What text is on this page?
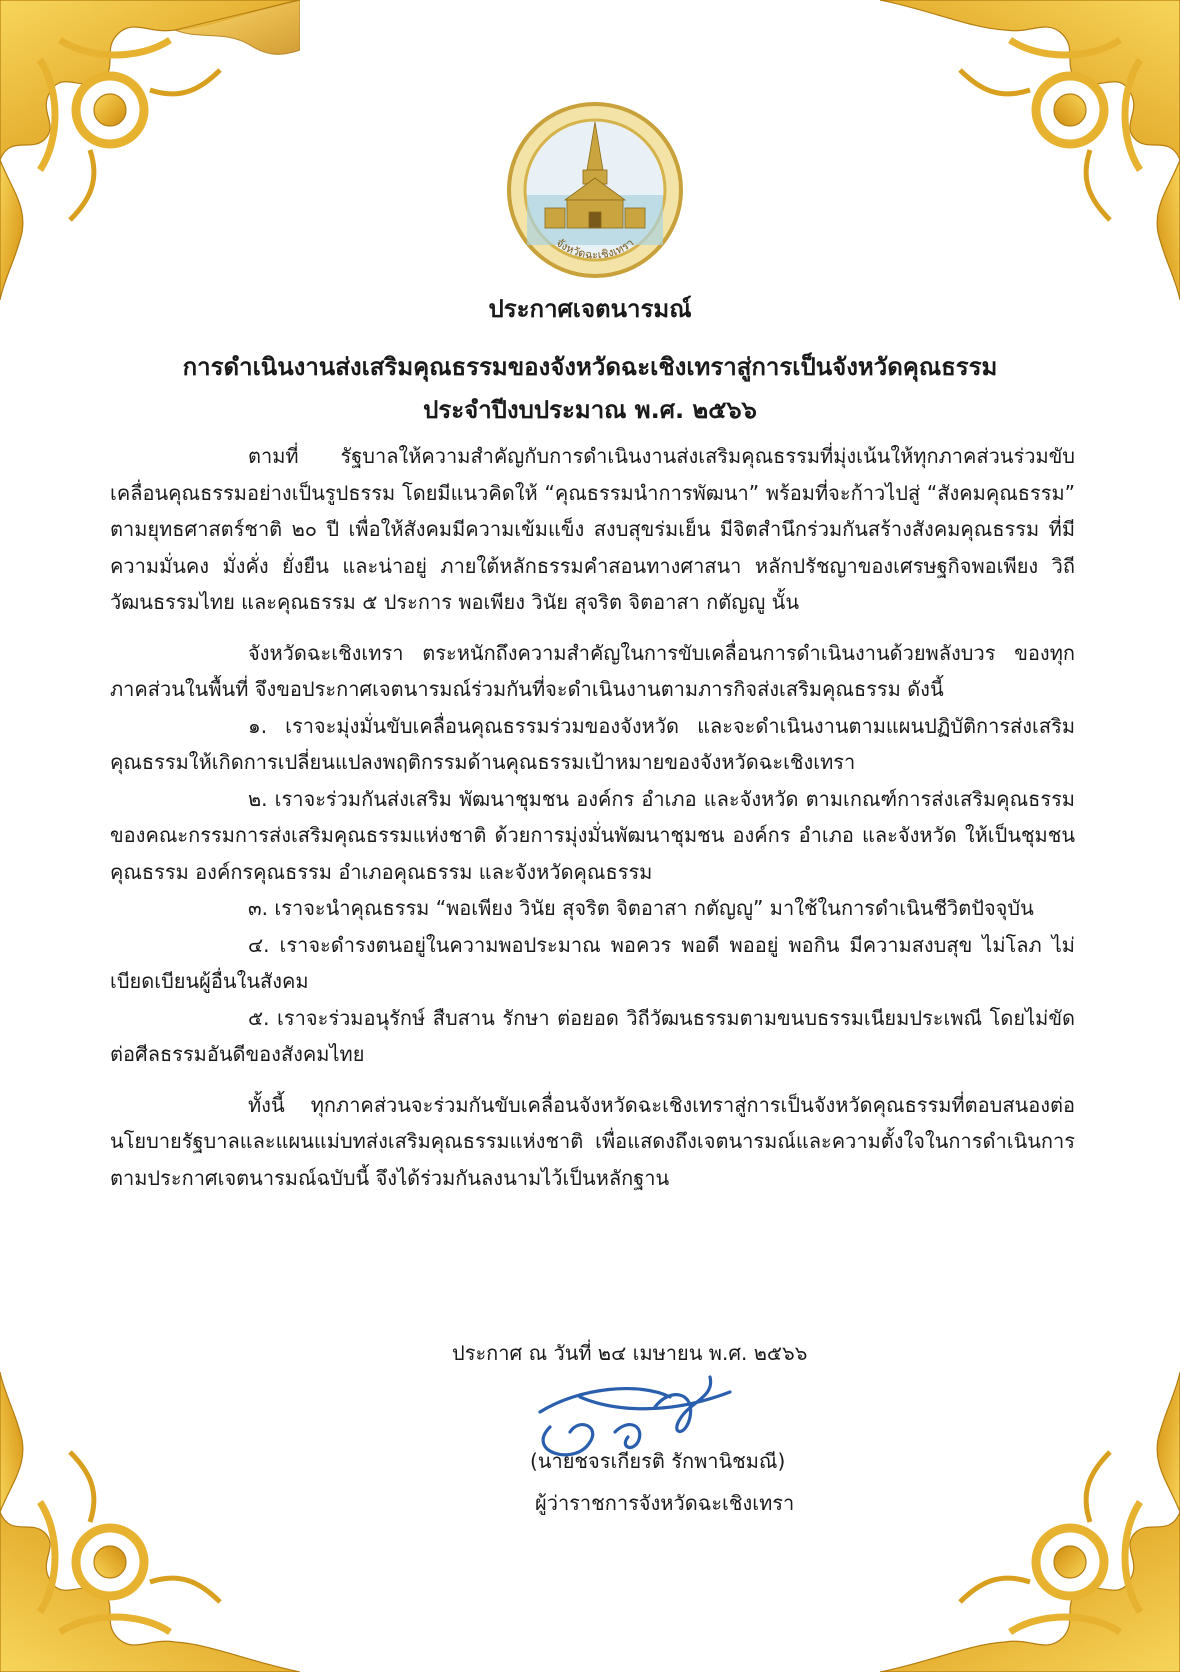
จังหวัดฉะเชิงเทรา
ประกาศเจตนารมณ์
การดำเนินงานส่งเสริมคุณธรรมของจังหวัดฉะเชิงเทราสู่การเป็นจังหวัดคุณธรรม
ประจำปีงบประมาณ พ.ศ. ๒๕๖๖

ตามที่ รัฐบาลให้ความสำคัญกับการดำเนินงานส่งเสริมคุณธรรมที่มุ่งเน้นให้ทุกภาคส่วนร่วมขับเคลื่อนคุณธรรมอย่างเป็นรูปธรรม โดยมีแนวคิดให้ “คุณธรรมนำการพัฒนา” พร้อมที่จะก้าวไปสู่ “สังคมคุณธรรม” ตามยุทธศาสตร์ชาติ ๒๐ ปี เพื่อให้สังคมมีความเข้มแข็ง สงบสุขร่มเย็น มีจิตสำนึกร่วมกันสร้างสังคมคุณธรรม ที่มีความมั่นคง มั่งคั่ง ยั่งยืน และน่าอยู่ ภายใต้หลักธรรมคำสอนทางศาสนา หลักปรัชญาของเศรษฐกิจพอเพียง วิถีวัฒนธรรมไทย และคุณธรรม ๕ ประการ พอเพียง วินัย สุจริต จิตอาสา กตัญญู นั้น

จังหวัดฉะเชิงเทรา ตระหนักถึงความสำคัญในการขับเคลื่อนการดำเนินงานด้วยพลังบวร ของทุกภาคส่วนในพื้นที่ จึงขอประกาศเจตนารมณ์ร่วมกันที่จะดำเนินงานตามภารกิจส่งเสริมคุณธรรม ดังนี้

๑. เราจะมุ่งมั่นขับเคลื่อนคุณธรรมร่วมของจังหวัด และจะดำเนินงานตามแผนปฏิบัติการส่งเสริมคุณธรรมให้เกิดการเปลี่ยนแปลงพฤติกรรมด้านคุณธรรมเป้าหมายของจังหวัดฉะเชิงเทรา

๒. เราจะร่วมกันส่งเสริม พัฒนาชุมชน องค์กร อำเภอ และจังหวัด ตามเกณฑ์การส่งเสริมคุณธรรมของคณะกรรมการส่งเสริมคุณธรรมแห่งชาติ ด้วยการมุ่งมั่นพัฒนาชุมชน องค์กร อำเภอ และจังหวัด ให้เป็นชุมชนคุณธรรม องค์กรคุณธรรม อำเภอคุณธรรม และจังหวัดคุณธรรม

๓. เราจะนำคุณธรรม “พอเพียง วินัย สุจริต จิตอาสา กตัญญู” มาใช้ในการดำเนินชีวิตปัจจุบัน

๔. เราจะดำรงตนอยู่ในความพอประมาณ พอควร พอดี พออยู่ พอกิน มีความสงบสุข ไม่โลภ ไม่เบียดเบียนผู้อื่นในสังคม

๕. เราจะร่วมอนุรักษ์ สืบสาน รักษา ต่อยอด วิถีวัฒนธรรมตามขนบธรรมเนียมประเพณี โดยไม่ขัดต่อศีลธรรมอันดีของสังคมไทย

ทั้งนี้ ทุกภาคส่วนจะร่วมกันขับเคลื่อนจังหวัดฉะเชิงเทราสู่การเป็นจังหวัดคุณธรรมที่ตอบสนองต่อนโยบายรัฐบาลและแผนแม่บทส่งเสริมคุณธรรมแห่งชาติ เพื่อแสดงถึงเจตนารมณ์และความตั้งใจในการดำเนินการตามประกาศเจตนารมณ์ฉบับนี้ จึงได้ร่วมกันลงนามไว้เป็นหลักฐาน

ประกาศ ณ วันที่ ๒๔ เมษายน พ.ศ. ๒๕๖๖
(นายชจรเกียรติ รักพานิชมณี)
ผู้ว่าราชการจังหวัดฉะเชิงเทรา
